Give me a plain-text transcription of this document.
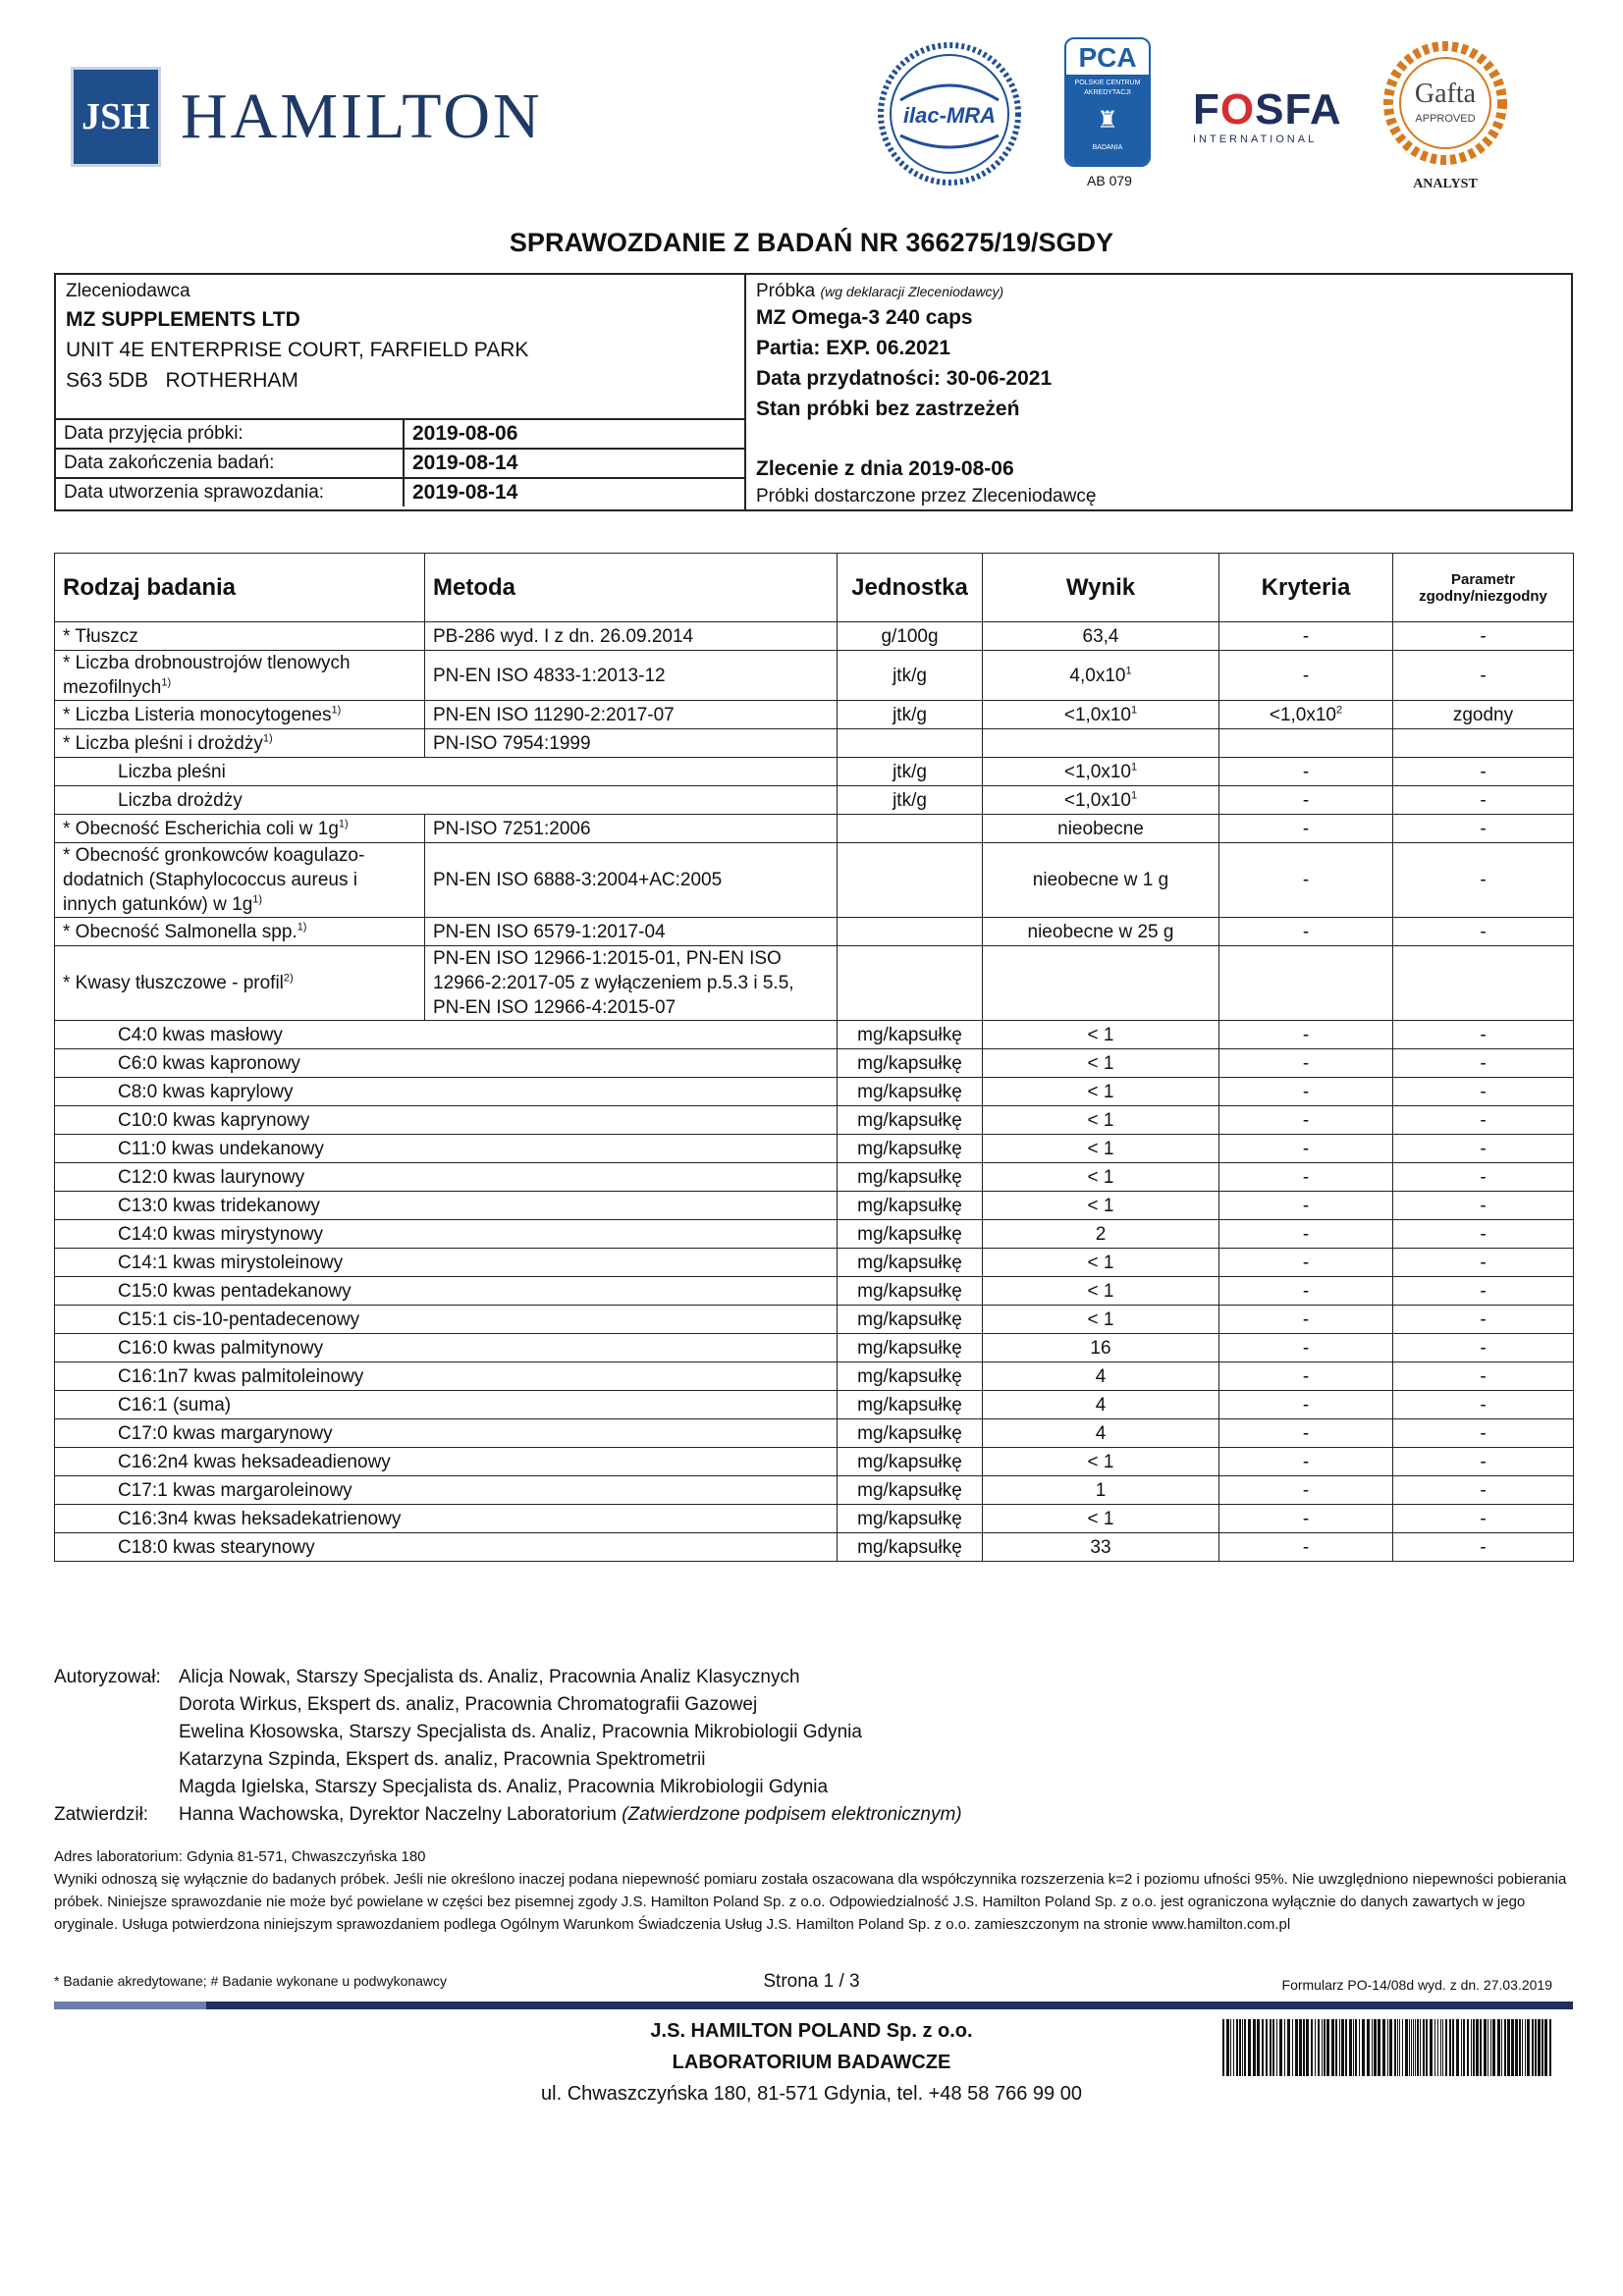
JSH HAMILTON	ilac-MRA
PCA
POLSKIE CENTRUM
AKREDYTACJI
♜
BADANIA
AB 079
FOSFA
INTERNATIONAL
Gafta
APPROVED
ANALYST
SPRAWOZDANIE Z BADAŃ NR 366275/19/SGDY
Zleceniodawca
MZ SUPPLEMENTS LTD
UNIT 4E ENTERPRISE COURT, FARFIELD PARK
S63 5DB   ROTHERHAM
Data przyjęcia próbki:	2019-08-06
Data zakończenia badań:	2019-08-14
Data utworzenia sprawozdania:	2019-08-14
Próbka (wg deklaracji Zleceniodawcy)
MZ Omega-3 240 caps
Partia: EXP. 06.2021
Data przydatności: 30-06-2021
Stan próbki bez zastrzeżeń
Zlecenie z dnia 2019-08-06
Próbki dostarczone przez Zleceniodawcę
Rodzaj badania	Metoda	Jednostka	Wynik	Kryteria	Parametr
zgodny/niezgodny

* Tłuszcz	PB-286 wyd. I z dn. 26.09.2014	g/100g	63,4	-	-
* Liczba drobnoustrojów tlenowych mezofilnych$^{1)}$	PN-EN ISO 4833-1:2013-12	jtk/g	$4,0x10^1$	-	-
* Liczba Listeria monocytogenes$^{1)}$	PN-EN ISO 11290-2:2017-07	jtk/g	$<1,0x10^1$	$<1,0x10^2$	zgodny
* Liczba pleśni i drożdży$^{1)}$	PN-ISO 7954:1999				
Liczba pleśni		jtk/g	$<1,0x10^1$	-	-
Liczba drożdży		jtk/g	$<1,0x10^1$	-	-
* Obecność Escherichia coli w $1g^{1)}$	PN-ISO 7251:2006		nieobecne	-	-
* Obecność gronkowców koagulazo-dodatnich (Staphylococcus aureus i innych gatunków) w $1g^{1)}$	PN-EN ISO 6888-3:2004+AC:2005		nieobecne w 1 g	-	-
* Obecność Salmonella spp.$^{1)}$	PN-EN ISO 6579-1:2017-04		nieobecne w 25 g	-	-
* Kwasy tłuszczowe - profil$^{2)}$	PN-EN ISO 12966-1:2015-01, PN-EN ISO 12966-2:2017-05 z wyłączeniem p.5.3 i 5.5, PN-EN ISO 12966-4:2015-07				
C4:0 kwas masłowy		mg/kapsułkę	< 1	-	-
C6:0 kwas kapronowy		mg/kapsułkę	< 1	-	-
C8:0 kwas kaprylowy		mg/kapsułkę	< 1	-	-
C10:0 kwas kaprynowy		mg/kapsułkę	< 1	-	-
C11:0 kwas undekanowy		mg/kapsułkę	< 1	-	-
C12:0 kwas laurynowy		mg/kapsułkę	< 1	-	-
C13:0 kwas tridekanowy		mg/kapsułkę	< 1	-	-
C14:0 kwas mirystynowy		mg/kapsułkę	2	-	-
C14:1 kwas mirystoleinowy		mg/kapsułkę	< 1	-	-
C15:0 kwas pentadekanowy		mg/kapsułkę	< 1	-	-
C15:1 cis-10-pentadecenowy		mg/kapsułkę	< 1	-	-
C16:0 kwas palmitynowy		mg/kapsułkę	16	-	-
C16:1n7 kwas palmitoleinowy		mg/kapsułkę	4	-	-
C16:1 (suma)		mg/kapsułkę	4	-	-
C17:0 kwas margarynowy		mg/kapsułkę	4	-	-
C16:2n4 kwas heksadeadienowy		mg/kapsułkę	< 1	-	-
C17:1 kwas margaroleinowy		mg/kapsułkę	1	-	-
C16:3n4 kwas heksadekatrienowy		mg/kapsułkę	< 1	-	-
C18:0 kwas stearynowy		mg/kapsułkę	33	-	-
Autoryzował: Alicja Nowak, Starszy Specjalista ds. Analiz, Pracownia Analiz Klasycznych
Dorota Wirkus, Ekspert ds. analiz, Pracownia Chromatografii Gazowej
Ewelina Kłosowska, Starszy Specjalista ds. Analiz, Pracownia Mikrobiologii Gdynia
Katarzyna Szpinda, Ekspert ds. analiz, Pracownia Spektrometrii
Magda Igielska, Starszy Specjalista ds. Analiz, Pracownia Mikrobiologii Gdynia
Zatwierdził: Hanna Wachowska, Dyrektor Naczelny Laboratorium (Zatwierdzone podpisem elektronicznym)
Adres laboratorium: Gdynia 81-571, Chwaszczyńska 180
Wyniki odnoszą się wyłącznie do badanych próbek. Jeśli nie określono inaczej podana niepewność pomiaru została oszacowana dla współczynnika rozszerzenia k=2 i poziomu ufności 95%. Nie uwzględniono niepewności pobierania próbek. Niniejsze sprawozdanie nie może być powielane w części bez pisemnej zgody J.S. Hamilton Poland Sp. z o.o. Odpowiedzialność J.S. Hamilton Poland Sp. z o.o. jest ograniczona wyłącznie do danych zawartych w jego oryginale. Usługa potwierdzona niniejszym sprawozdaniem podlega Ogólnym Warunkom Świadczenia Usług J.S. Hamilton Poland Sp. z o.o. zamieszczonym na stronie www.hamilton.com.pl
* Badanie akredytowane; # Badanie wykonane u podwykonawcy	Strona 1 / 3	Formularz PO-14/08d wyd. z dn. 27.03.2019
J.S. HAMILTON POLAND Sp. z o.o.
LABORATORIUM BADAWCZE
ul. Chwaszczyńska 180, 81-571 Gdynia, tel. +48 58 766 99 00
